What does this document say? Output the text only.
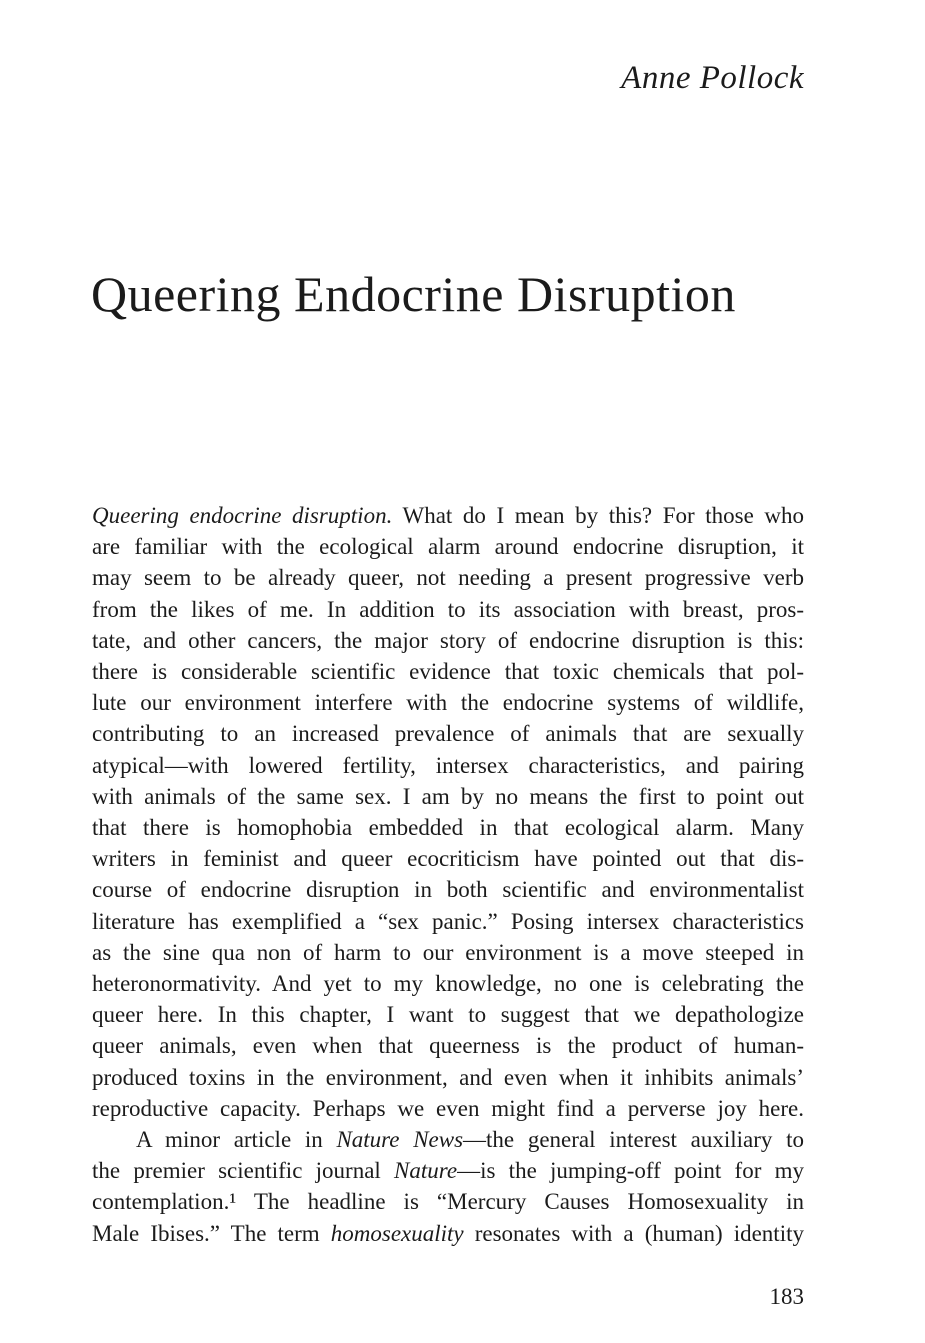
Anne Pollock
Queering Endocrine Disruption
Queering endocrine disruption. What do I mean by this? For those who
are familiar with the ecological alarm around endocrine disruption, it
may seem to be already queer, not needing a present progressive verb
from the likes of me. In addition to its association with breast, pros-
tate, and other cancers, the major story of endocrine disruption is this:
there is considerable scientific evidence that toxic chemicals that pol-
lute our environment interfere with the endocrine systems of wildlife,
contributing to an increased prevalence of animals that are sexually
atypical—with lowered fertility, intersex characteristics, and pairing
with animals of the same sex. I am by no means the first to point out
that there is homophobia embedded in that ecological alarm. Many
writers in feminist and queer ecocriticism have pointed out that dis-
course of endocrine disruption in both scientific and environmentalist
literature has exemplified a “sex panic.” Posing intersex characteristics
as the sine qua non of harm to our environment is a move steeped in
heteronormativity. And yet to my knowledge, no one is celebrating the
queer here. In this chapter, I want to suggest that we depathologize
queer animals, even when that queerness is the product of human-
produced toxins in the environment, and even when it inhibits animals’
reproductive capacity. Perhaps we even might find a perverse joy here.
A minor article in Nature News—the general interest auxiliary to
the premier scientific journal Nature—is the jumping-off point for my
contemplation.¹ The headline is “Mercury Causes Homosexuality in
Male Ibises.” The term homosexuality resonates with a (human) identity
183
